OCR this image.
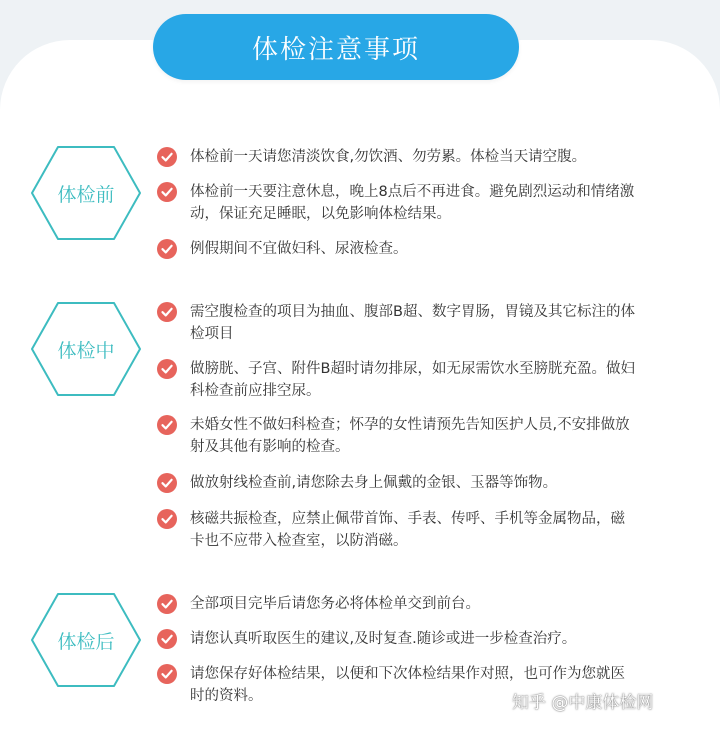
体检注意事项
体检前
体检中
体检后
体检前一天请您清淡饮食,勿饮酒、勿劳累。体检当天请空腹。
体检前一天要注意休息，晚上8点后不再进食。避免剧烈运动和情绪激动，保证充足睡眠，以免影响体检结果。
例假期间不宜做妇科、尿液检查。
需空腹检查的项目为抽血、腹部B超、数字胃肠，胃镜及其它标注的体检项目
做膀胱、子宫、附件B超时请勿排尿，如无尿需饮水至膀胱充盈。做妇科检查前应排空尿。
未婚女性不做妇科检查；怀孕的女性请预先告知医护人员,不安排做放射及其他有影响的检查。
做放射线检查前,请您除去身上佩戴的金银、玉器等饰物。
核磁共振检查，应禁止佩带首饰、手表、传呼、手机等金属物品，磁卡也不应带入检查室，以防消磁。
全部项目完毕后请您务必将体检单交到前台。
请您认真听取医生的建议,及时复查.随诊或进一步检查治疗。
请您保存好体检结果，以便和下次体检结果作对照，也可作为您就医时的资料。	知乎 @中康体检网
